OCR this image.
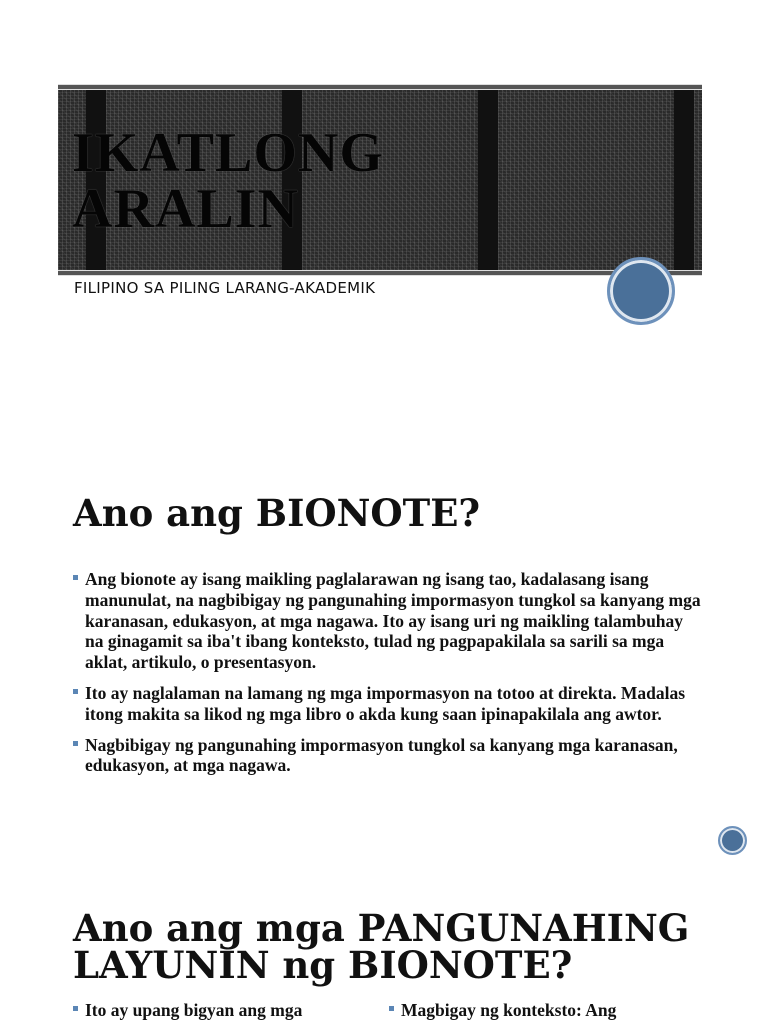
IKATLONG
ARALIN
FILIPINO SA PILING LARANG-AKADEMIK
Ano ang BIONOTE?
Ang bionote ay isang maikling paglalarawan ng isang tao, kadalasang isang manunulat, na nagbibigay ng pangunahing impormasyon tungkol sa kanyang mga karanasan, edukasyon, at mga nagawa. Ito ay isang uri ng maikling talambuhay na ginagamit sa iba't ibang konteksto, tulad ng pagpapakilala sa sarili sa mga aklat, artikulo, o presentasyon.
Ito ay naglalaman na lamang ng mga impormasyon na totoo at direkta. Madalas itong makita sa likod ng mga libro o akda kung saan ipinapakilala ang awtor.
Nagbibigay ng pangunahing impormasyon tungkol sa kanyang mga karanasan, edukasyon, at mga nagawa.
Ano ang mga PANGUNAHING
LAYUNIN ng BIONOTE?
Ito ay upang bigyan ang mga	Magbigay ng konteksto: Ang
